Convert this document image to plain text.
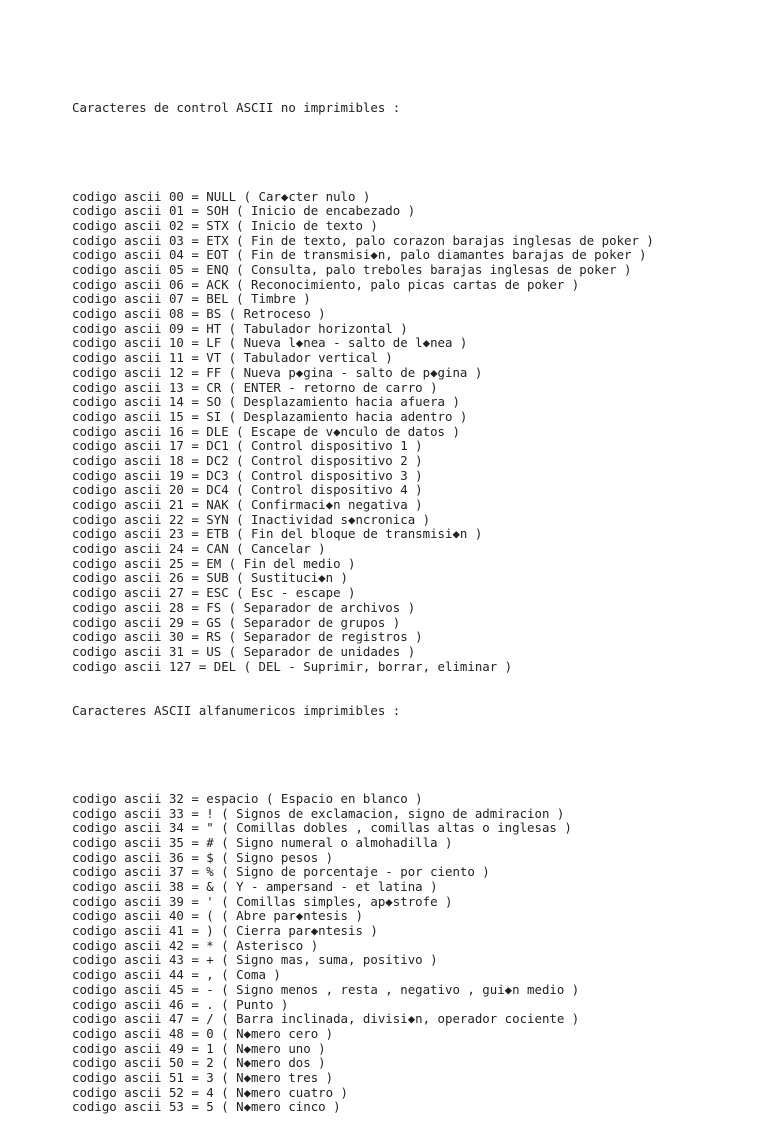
Caracteres de control ASCII no imprimibles :

codigo ascii 00 = NULL ( Car◆cter nulo )
codigo ascii 01 = SOH ( Inicio de encabezado )
codigo ascii 02 = STX ( Inicio de texto )
codigo ascii 03 = ETX ( Fin de texto, palo corazon barajas inglesas de poker )
codigo ascii 04 = EOT ( Fin de transmisi◆n, palo diamantes barajas de poker )
codigo ascii 05 = ENQ ( Consulta, palo treboles barajas inglesas de poker )
codigo ascii 06 = ACK ( Reconocimiento, palo picas cartas de poker )
codigo ascii 07 = BEL ( Timbre )
codigo ascii 08 = BS ( Retroceso )
codigo ascii 09 = HT ( Tabulador horizontal )
codigo ascii 10 = LF ( Nueva l◆nea - salto de l◆nea )
codigo ascii 11 = VT ( Tabulador vertical )
codigo ascii 12 = FF ( Nueva p◆gina - salto de p◆gina )
codigo ascii 13 = CR ( ENTER - retorno de carro )
codigo ascii 14 = SO ( Desplazamiento hacia afuera )
codigo ascii 15 = SI ( Desplazamiento hacia adentro )
codigo ascii 16 = DLE ( Escape de v◆nculo de datos )
codigo ascii 17 = DC1 ( Control dispositivo 1 )
codigo ascii 18 = DC2 ( Control dispositivo 2 )
codigo ascii 19 = DC3 ( Control dispositivo 3 )
codigo ascii 20 = DC4 ( Control dispositivo 4 )
codigo ascii 21 = NAK ( Confirmaci◆n negativa )
codigo ascii 22 = SYN ( Inactividad s◆ncronica )
codigo ascii 23 = ETB ( Fin del bloque de transmisi◆n )
codigo ascii 24 = CAN ( Cancelar )
codigo ascii 25 = EM ( Fin del medio )
codigo ascii 26 = SUB ( Sustituci◆n )
codigo ascii 27 = ESC ( Esc - escape )
codigo ascii 28 = FS ( Separador de archivos )
codigo ascii 29 = GS ( Separador de grupos )
codigo ascii 30 = RS ( Separador de registros )
codigo ascii 31 = US ( Separador de unidades )
codigo ascii 127 = DEL ( DEL - Suprimir, borrar, eliminar )

Caracteres ASCII alfanumericos imprimibles :

codigo ascii 32 = espacio ( Espacio en blanco )
codigo ascii 33 = ! ( Signos de exclamacion, signo de admiracion )
codigo ascii 34 = " ( Comillas dobles , comillas altas o inglesas )
codigo ascii 35 = # ( Signo numeral o almohadilla )
codigo ascii 36 = $ ( Signo pesos )
codigo ascii 37 = % ( Signo de porcentaje - por ciento )
codigo ascii 38 = & ( Y - ampersand - et latina )
codigo ascii 39 = ' ( Comillas simples, ap◆strofe )
codigo ascii 40 = ( ( Abre par◆ntesis )
codigo ascii 41 = ) ( Cierra par◆ntesis )
codigo ascii 42 = * ( Asterisco )
codigo ascii 43 = + ( Signo mas, suma, positivo )
codigo ascii 44 = , ( Coma )
codigo ascii 45 = - ( Signo menos , resta , negativo , gui◆n medio )
codigo ascii 46 = . ( Punto )
codigo ascii 47 = / ( Barra inclinada, divisi◆n, operador cociente )
codigo ascii 48 = 0 ( N◆mero cero )
codigo ascii 49 = 1 ( N◆mero uno )
codigo ascii 50 = 2 ( N◆mero dos )
codigo ascii 51 = 3 ( N◆mero tres )
codigo ascii 52 = 4 ( N◆mero cuatro )
codigo ascii 53 = 5 ( N◆mero cinco )
